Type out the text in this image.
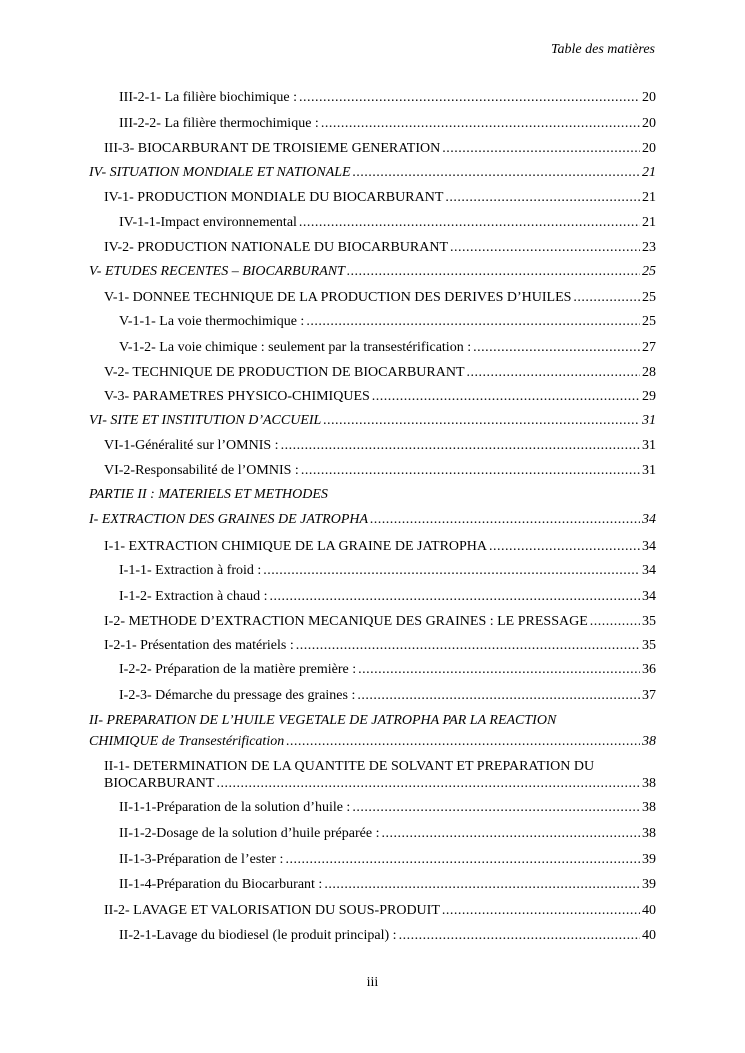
Table des matières
III-2-1- La filière biochimique : .....	20
III-2-2- La filière thermochimique : .....	20
III-3- BIOCARBURANT DE TROISIEME GENERATION .....	20
IV- SITUATION MONDIALE ET NATIONALE .....	21
IV-1- PRODUCTION MONDIALE DU BIOCARBURANT .....	21
IV-1-1-Impact environnemental .....	21
IV-2- PRODUCTION NATIONALE DU BIOCARBURANT .....	23
V- ETUDES RECENTES – BIOCARBURANT .....	25
V-1- DONNEE TECHNIQUE DE LA PRODUCTION DES DERIVES D’HUILES .....	25
V-1-1- La voie thermochimique : .....	25
V-1-2- La voie chimique : seulement par la transestérification : .....	27
V-2- TECHNIQUE DE PRODUCTION DE BIOCARBURANT .....	28
V-3- PARAMETRES PHYSICO-CHIMIQUES .....	29
VI- SITE ET INSTITUTION D’ACCUEIL .....	31
VI-1-Généralité sur l’OMNIS : .....	31
VI-2-Responsabilité de l’OMNIS : .....	31
PARTIE II : MATERIELS ET METHODES
I- EXTRACTION DES GRAINES DE JATROPHA .....	34
I-1- EXTRACTION CHIMIQUE DE LA GRAINE DE JATROPHA .....	34
I-1-1- Extraction à froid : .....	34
I-1-2- Extraction à chaud : .....	34
I-2- METHODE D’EXTRACTION MECANIQUE DES GRAINES : LE PRESSAGE .....	35
I-2-1- Présentation des matériels : .....	35
I-2-2- Préparation de la matière première : .....	36
I-2-3- Démarche du pressage des graines : .....	37
II- PREPARATION DE L’HUILE VEGETALE DE JATROPHA PAR LA REACTION
CHIMIQUE de Transestérification .....	38
II-1- DETERMINATION DE LA QUANTITE DE SOLVANT ET PREPARATION DU
BIOCARBURANT .....	38
II-1-1-Préparation de la solution d’huile : .....	38
II-1-2-Dosage de la solution d’huile préparée : .....	38
II-1-3-Préparation de l’ester : .....	39
II-1-4-Préparation du Biocarburant : .....	39
II-2- LAVAGE ET VALORISATION DU SOUS-PRODUIT .....	40
II-2-1-Lavage du biodiesel (le produit principal) : .....	40
iii
